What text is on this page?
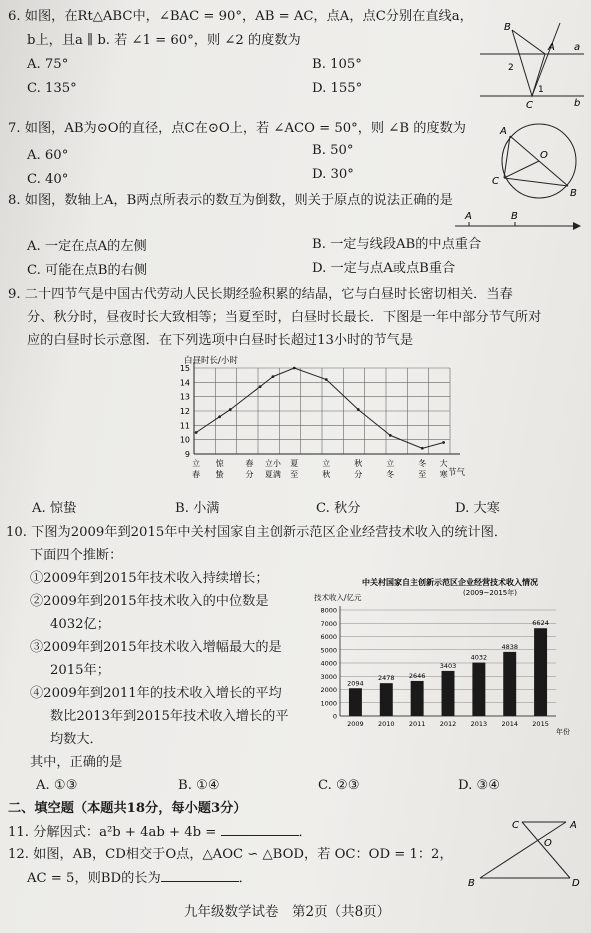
6. 如图，在Rt△ABC中，∠BAC = 90°，AB = AC，点A，点C分别在直线a，
b上，且a ∥ b. 若 ∠1 = 60°，则 ∠2 的度数为
A. 75°	B. 105°
C. 135°	D. 155°
B
A
C
a
b
1
2
7. 如图，AB为⊙O的直径，点C在⊙O上，若 ∠ACO = 50°，则 ∠B 的度数为
A. 60°	B. 50°
C. 40°	D. 30°
A
O
B
C
8. 如图，数轴上A，B两点所表示的数互为倒数，则关于原点的说法正确的是
A	B
A. 一定在点A的左侧	B. 一定与线段AB的中点重合
C. 可能在点B的右侧	D. 一定与点A或点B重合
9. 二十四节气是中国古代劳动人民长期经验积累的结晶，它与白昼时长密切相关．当春
分、秋分时，昼夜时长大致相等；当夏至时，白昼时长最长．下图是一年中部分节气所对
应的白昼时长示意图．在下列选项中白昼时长超过13小时的节气是
白昼时长/小时
节气
9
10
11
12
13
14
15
立
春
惊
蛰
春
分
立小
夏满
夏
至
立
秋
秋
分
立
冬
冬
至
大
寒
A. 惊蛰	B. 小满	C. 秋分	D. 大寒
10. 下图为2009年到2015年中关村国家自主创新示范区企业经营技术收入的统计图．
下面四个推断：
①2009年到2015年技术收入持续增长；
②2009年到2015年技术收入的中位数是
4032亿；
③2009年到2015年技术收入增幅最大的是
2015年；
④2009年到2011年的技术收入增长的平均
数比2013年到2015年技术收入增长的平
均数大．
其中，正确的是
中关村国家自主创新示范区企业经营技术收入情况
(2009~2015年)
技术收入/亿元
年份
0
1000
2000
3000
4000
5000
6000
7000
8000
2094
2009
2478
2010
2646
2011
3403
2012
4032
2013
4838
2014
6624
2015
A. ①③	B. ①④	C. ②③	D. ③④
二、填空题（本题共18分，每小题3分）
11. 分解因式：a²b + 4ab + 4b =	．
12. 如图，AB，CD相交于O点，△AOC ∽ △BOD，若 OC：OD = 1：2，
AC = 5，则BD的长为	．
C	A
O
B	D
九年级数学试卷　第2页（共8页）
